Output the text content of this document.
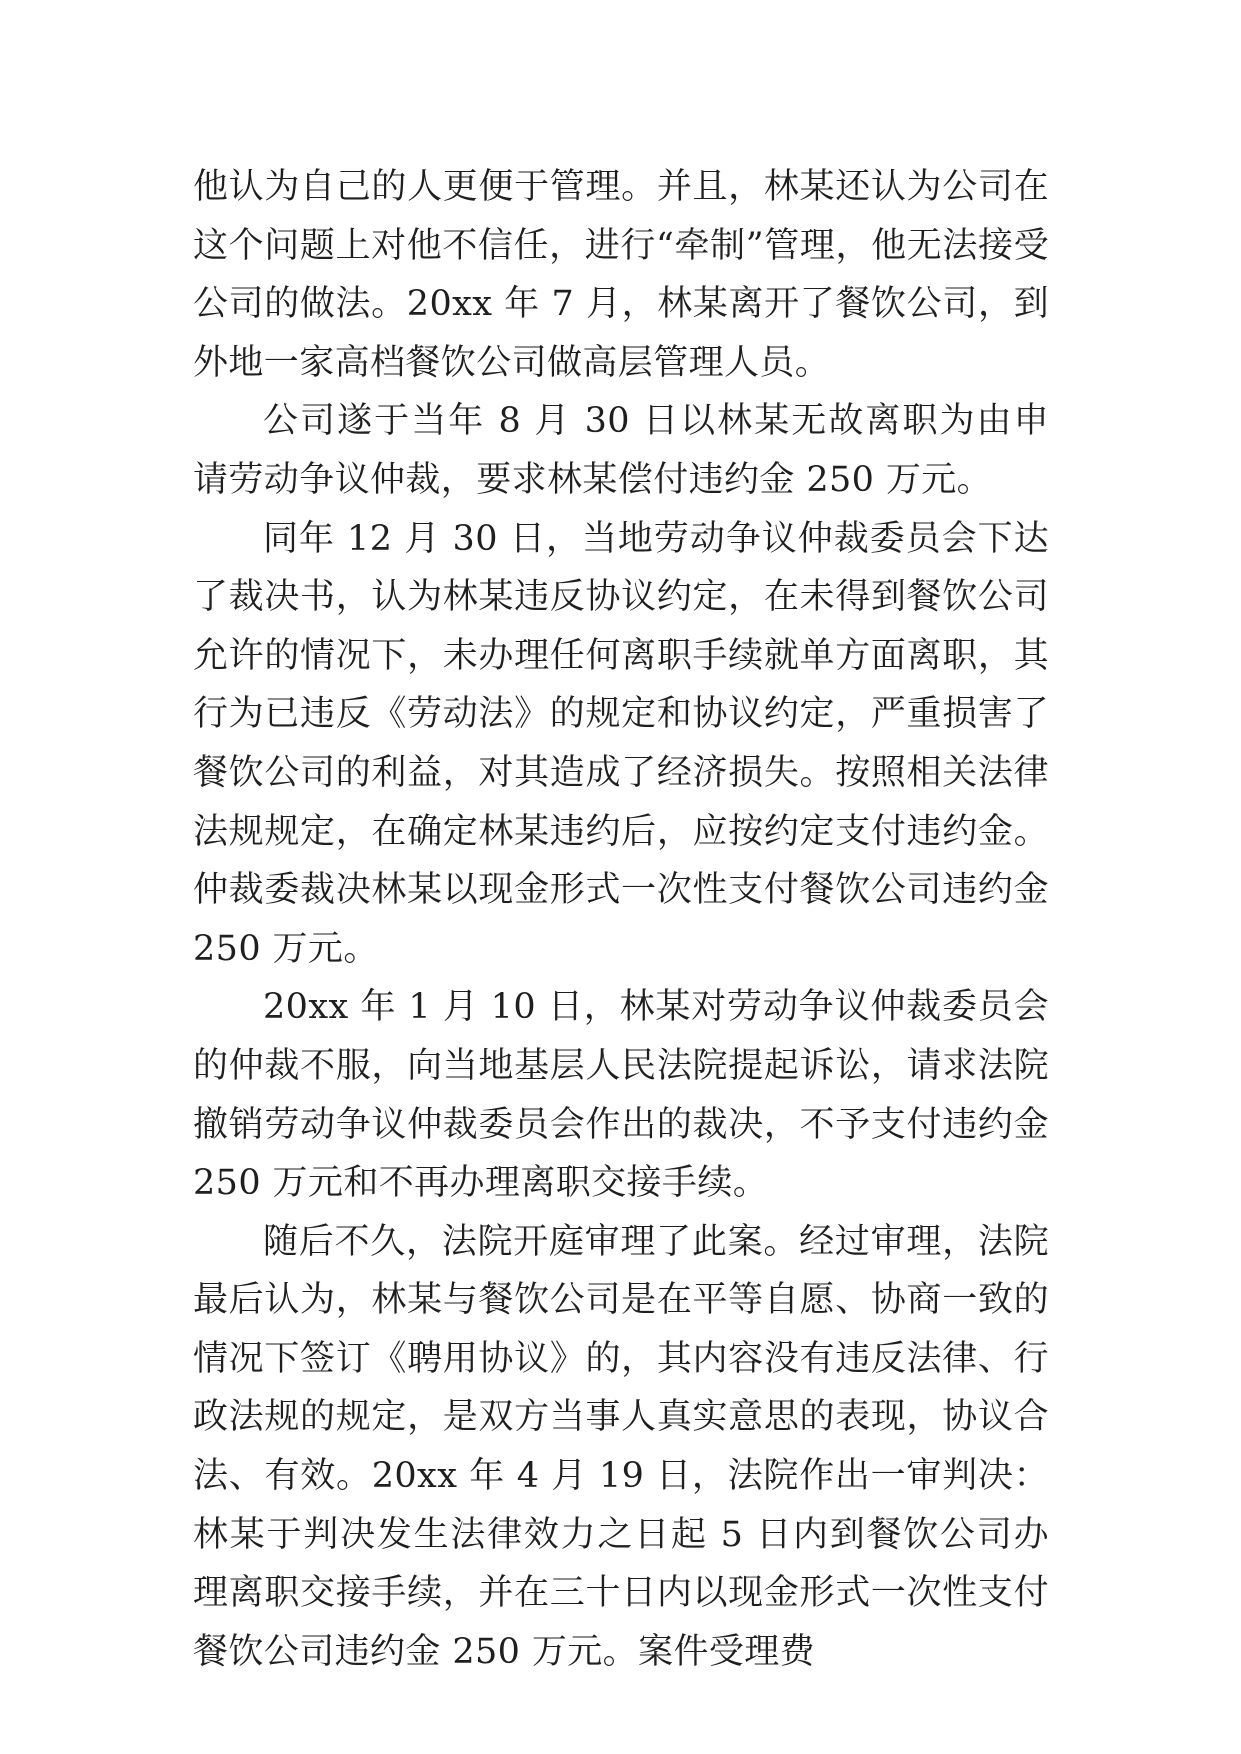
他认为自己的人更便于管理。并且，林某还认为公司在这个问题上对他不信任，进行“牵制”管理，他无法接受公司的做法。20xx 年 7 月，林某离开了餐饮公司，到外地一家高档餐饮公司做高层管理人员。

公司遂于当年 8 月 30 日以林某无故离职为由申请劳动争议仲裁，要求林某偿付违约金 250 万元。

同年 12 月 30 日，当地劳动争议仲裁委员会下达了裁决书，认为林某违反协议约定，在未得到餐饮公司允许的情况下，未办理任何离职手续就单方面离职，其行为已违反《劳动法》的规定和协议约定，严重损害了餐饮公司的利益，对其造成了经济损失。按照相关法律法规规定，在确定林某违约后，应按约定支付违约金。仲裁委裁决林某以现金形式一次性支付餐饮公司违约金 250 万元。

20xx 年 1 月 10 日，林某对劳动争议仲裁委员会的仲裁不服，向当地基层人民法院提起诉讼，请求法院撤销劳动争议仲裁委员会作出的裁决，不予支付违约金 250 万元和不再办理离职交接手续。

随后不久，法院开庭审理了此案。经过审理，法院最后认为，林某与餐饮公司是在平等自愿、协商一致的情况下签订《聘用协议》的，其内容没有违反法律、行政法规的规定，是双方当事人真实意思的表现，协议合法、有效。20xx 年 4 月 19 日，法院作出一审判决：林某于判决发生法律效力之日起 5 日内到餐饮公司办理离职交接手续，并在三十日内以现金形式一次性支付餐饮公司违约金 250 万元。案件受理费
